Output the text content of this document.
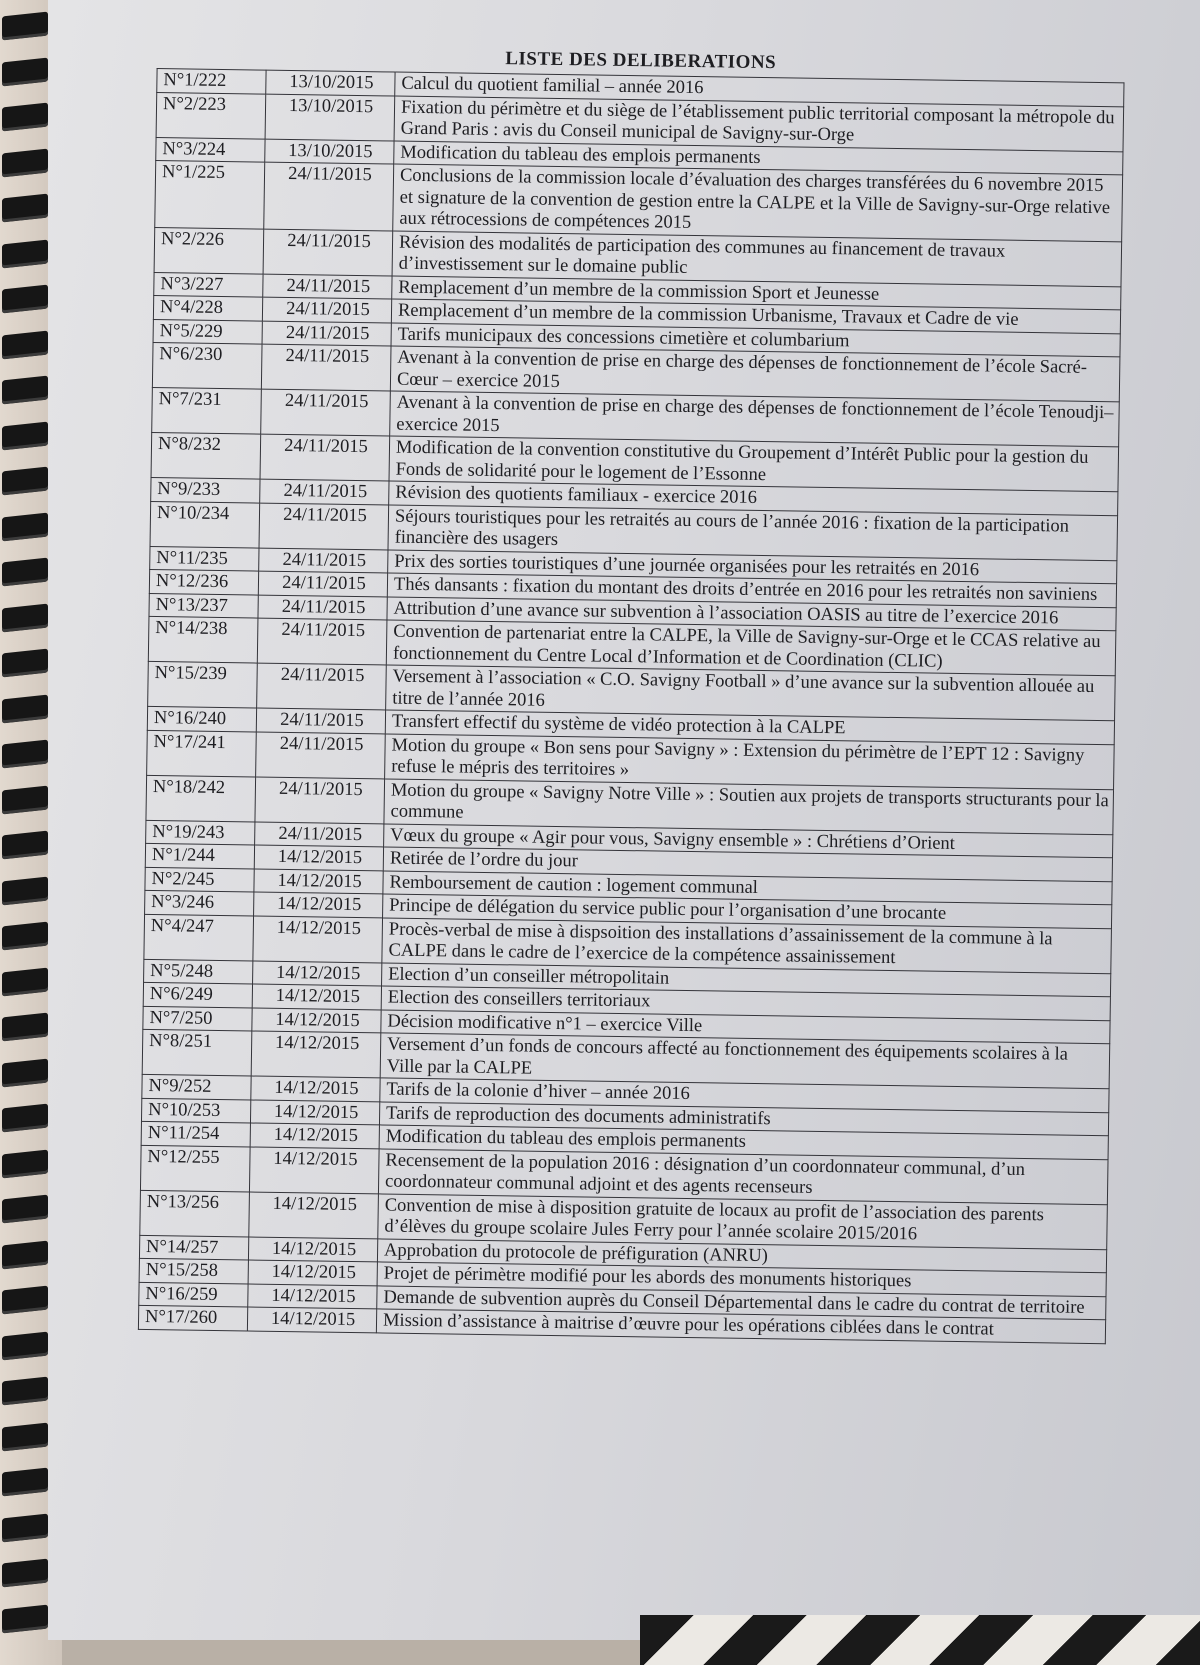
LISTE DES DELIBERATIONS
N°1/222	13/10/2015	Calcul du quotient familial – année 2016
N°2/223	13/10/2015	Fixation du périmètre et du siège de l’établissement public territorial composant la métropole du Grand Paris : avis du Conseil municipal de Savigny-sur-Orge
N°3/224	13/10/2015	Modification du tableau des emplois permanents
N°1/225	24/11/2015	Conclusions de la commission locale d’évaluation des charges transférées du 6 novembre 2015 et signature de la convention de gestion entre la CALPE et la Ville de Savigny-sur-Orge relative aux rétrocessions de compétences 2015
N°2/226	24/11/2015	Révision des modalités de participation des communes au financement de travaux d’investissement sur le domaine public
N°3/227	24/11/2015	Remplacement d’un membre de la commission Sport et Jeunesse
N°4/228	24/11/2015	Remplacement d’un membre de la commission Urbanisme, Travaux et Cadre de vie
N°5/229	24/11/2015	Tarifs municipaux des concessions cimetière et columbarium
N°6/230	24/11/2015	Avenant à la convention de prise en charge des dépenses de fonctionnement de l’école Sacré-Cœur – exercice 2015
N°7/231	24/11/2015	Avenant à la convention de prise en charge des dépenses de fonctionnement de l’école Tenoudji– exercice 2015
N°8/232	24/11/2015	Modification de la convention constitutive du Groupement d’Intérêt Public pour la gestion du Fonds de solidarité pour le logement de l’Essonne
N°9/233	24/11/2015	Révision des quotients familiaux - exercice 2016
N°10/234	24/11/2015	Séjours touristiques pour les retraités au cours de l’année 2016 : fixation de la participation financière des usagers
N°11/235	24/11/2015	Prix des sorties touristiques d’une journée organisées pour les retraités en 2016
N°12/236	24/11/2015	Thés dansants : fixation du montant des droits d’entrée en 2016 pour les retraités non saviniens
N°13/237	24/11/2015	Attribution d’une avance sur subvention à l’association OASIS au titre de l’exercice 2016
N°14/238	24/11/2015	Convention de partenariat entre la CALPE, la Ville de Savigny-sur-Orge et le CCAS relative au fonctionnement du Centre Local d’Information et de Coordination (CLIC)
N°15/239	24/11/2015	Versement à l’association « C.O. Savigny Football » d’une avance sur la subvention allouée au titre de l’année 2016
N°16/240	24/11/2015	Transfert effectif du système de vidéo protection à la CALPE
N°17/241	24/11/2015	Motion du groupe « Bon sens pour Savigny » : Extension du périmètre de l’EPT 12 : Savigny refuse le mépris des territoires »
N°18/242	24/11/2015	Motion du groupe « Savigny Notre Ville » : Soutien aux projets de transports structurants pour la commune
N°19/243	24/11/2015	Vœux du groupe « Agir pour vous, Savigny ensemble » : Chrétiens d’Orient
N°1/244	14/12/2015	Retirée de l’ordre du jour
N°2/245	14/12/2015	Remboursement de caution : logement communal
N°3/246	14/12/2015	Principe de délégation du service public pour l’organisation d’une brocante
N°4/247	14/12/2015	Procès-verbal de mise à dispsoition des installations d’assainissement de la commune à la CALPE dans le cadre de l’exercice de la compétence assainissement
N°5/248	14/12/2015	Election d’un conseiller métropolitain
N°6/249	14/12/2015	Election des conseillers territoriaux
N°7/250	14/12/2015	Décision modificative n°1 – exercice Ville
N°8/251	14/12/2015	Versement d’un fonds de concours affecté au fonctionnement des équipements scolaires à la Ville par la CALPE
N°9/252	14/12/2015	Tarifs de la colonie d’hiver – année 2016
N°10/253	14/12/2015	Tarifs de reproduction des documents administratifs
N°11/254	14/12/2015	Modification du tableau des emplois permanents
N°12/255	14/12/2015	Recensement de la population 2016 : désignation d’un coordonnateur communal, d’un coordonnateur communal adjoint et des agents recenseurs
N°13/256	14/12/2015	Convention de mise à disposition gratuite de locaux au profit de l’association des parents d’élèves du groupe scolaire Jules Ferry pour l’année scolaire 2015/2016
N°14/257	14/12/2015	Approbation du protocole de préfiguration (ANRU)
N°15/258	14/12/2015	Projet de périmètre modifié pour les abords des monuments historiques
N°16/259	14/12/2015	Demande de subvention auprès du Conseil Départemental dans le cadre du contrat de territoire
N°17/260	14/12/2015	Mission d’assistance à maitrise d’œuvre pour les opérations ciblées dans le contrat
